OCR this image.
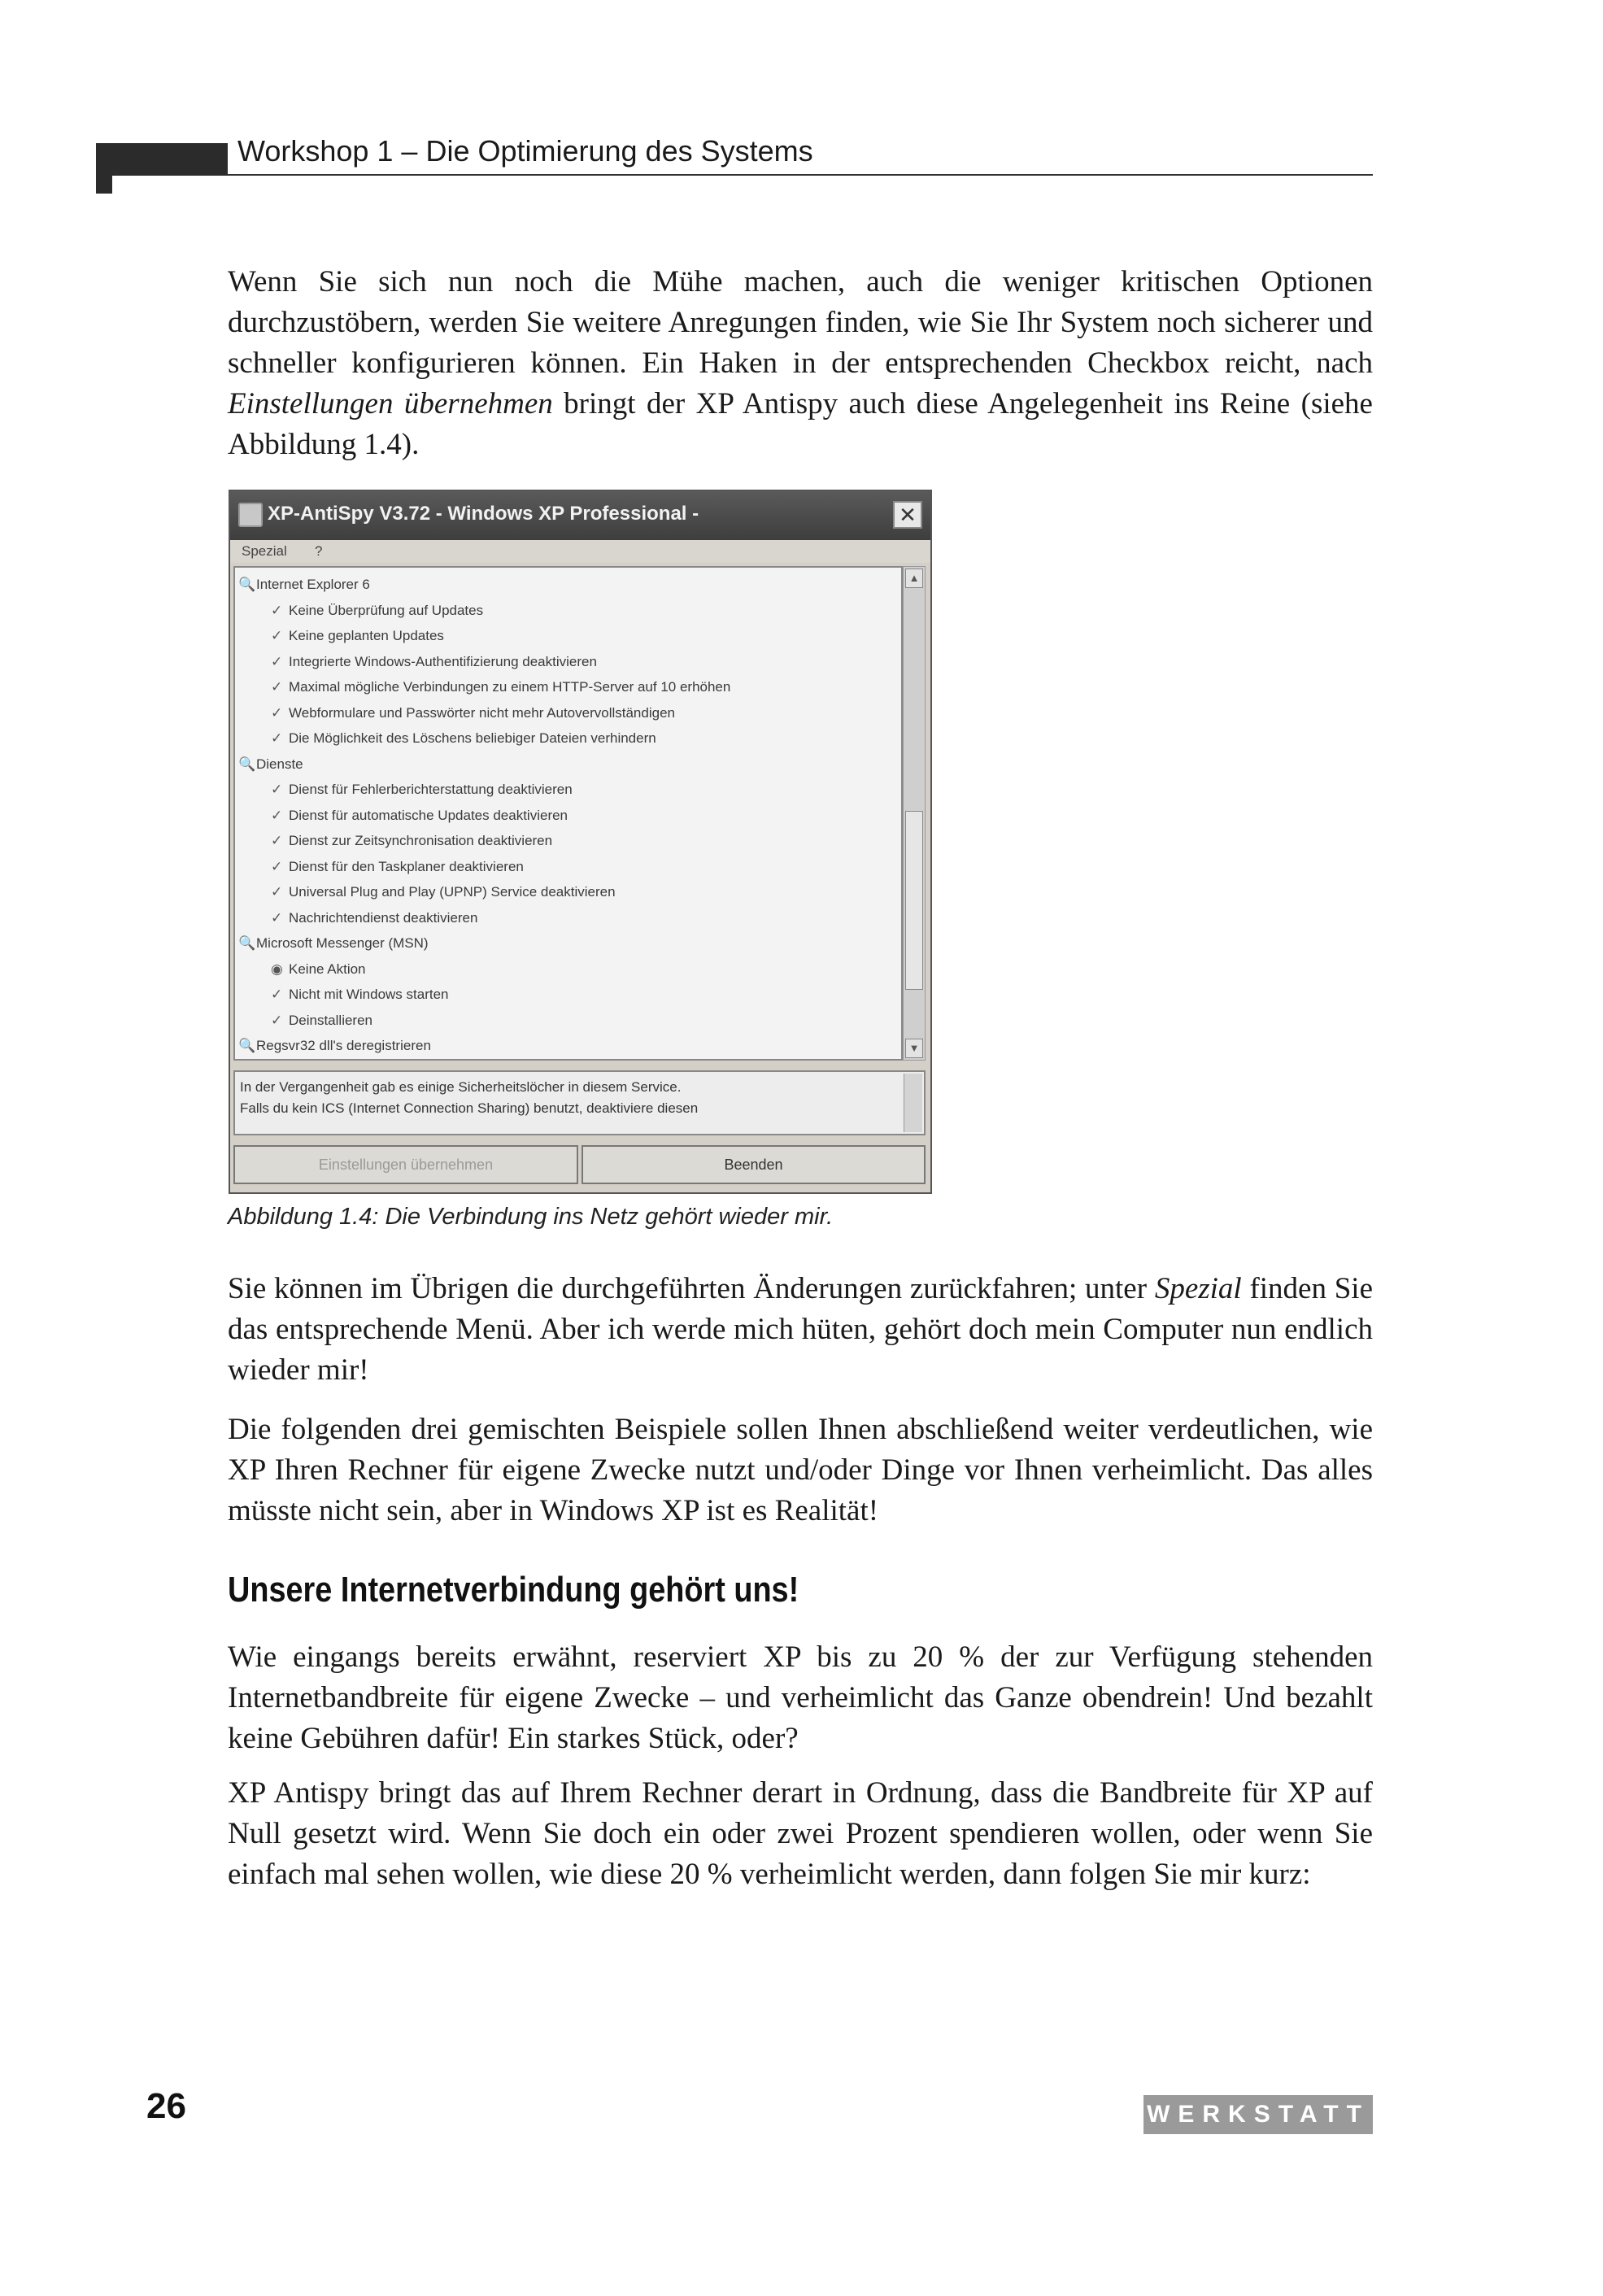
Workshop 1 – Die Optimierung des Systems
Wenn Sie sich nun noch die Mühe machen, auch die weniger kritischen Optionen durchzustöbern, werden Sie weitere Anregungen finden, wie Sie Ihr System noch sicherer und schneller konfigurieren können. Ein Haken in der entsprechenden Checkbox reicht, nach Einstellungen übernehmen bringt der XP Antispy auch diese Angelegenheit ins Reine (siehe Abbildung 1.4).
XP-AntiSpy V3.72 - Windows XP Professional -	✕
Spezial ?
🔍Internet Explorer 6
✓ Keine Überprüfung auf Updates
✓ Keine geplanten Updates
✓ Integrierte Windows-Authentifizierung deaktivieren
✓ Maximal mögliche Verbindungen zu einem HTTP-Server auf 10 erhöhen
✓ Webformulare und Passwörter nicht mehr Autovervollständigen
✓ Die Möglichkeit des Löschens beliebiger Dateien verhindern
🔍Dienste
✓ Dienst für Fehlerberichterstattung deaktivieren
✓ Dienst für automatische Updates deaktivieren
✓ Dienst zur Zeitsynchronisation deaktivieren
✓ Dienst für den Taskplaner deaktivieren
✓ Universal Plug and Play (UPNP) Service deaktivieren
✓ Nachrichtendienst deaktivieren
🔍Microsoft Messenger (MSN)
◉ Keine Aktion
✓ Nicht mit Windows starten
✓ Deinstallieren
🔍Regsvr32 dll's deregistrieren
▲
▼
In der Vergangenheit gab es einige Sicherheitslöcher in diesem Service.
Falls du kein ICS (Internet Connection Sharing) benutzt, deaktiviere diesen
Einstellungen übernehmen	Beenden
Abbildung 1.4: Die Verbindung ins Netz gehört wieder mir.
Sie können im Übrigen die durchgeführten Änderungen zurückfahren; unter Spezial finden Sie das entsprechende Menü. Aber ich werde mich hüten, gehört doch mein Computer nun endlich wieder mir!
Die folgenden drei gemischten Beispiele sollen Ihnen abschließend weiter verdeutlichen, wie XP Ihren Rechner für eigene Zwecke nutzt und/oder Dinge vor Ihnen verheimlicht. Das alles müsste nicht sein, aber in Windows XP ist es Realität!
Unsere Internetverbindung gehört uns!
Wie eingangs bereits erwähnt, reserviert XP bis zu 20 % der zur Verfügung stehenden Internetbandbreite für eigene Zwecke – und verheimlicht das Ganze obendrein! Und bezahlt keine Gebühren dafür! Ein starkes Stück, oder?
XP Antispy bringt das auf Ihrem Rechner derart in Ordnung, dass die Bandbreite für XP auf Null gesetzt wird. Wenn Sie doch ein oder zwei Prozent spendieren wollen, oder wenn Sie einfach mal sehen wollen, wie diese 20 % verheimlicht werden, dann folgen Sie mir kurz:
26	WERKSTATT
